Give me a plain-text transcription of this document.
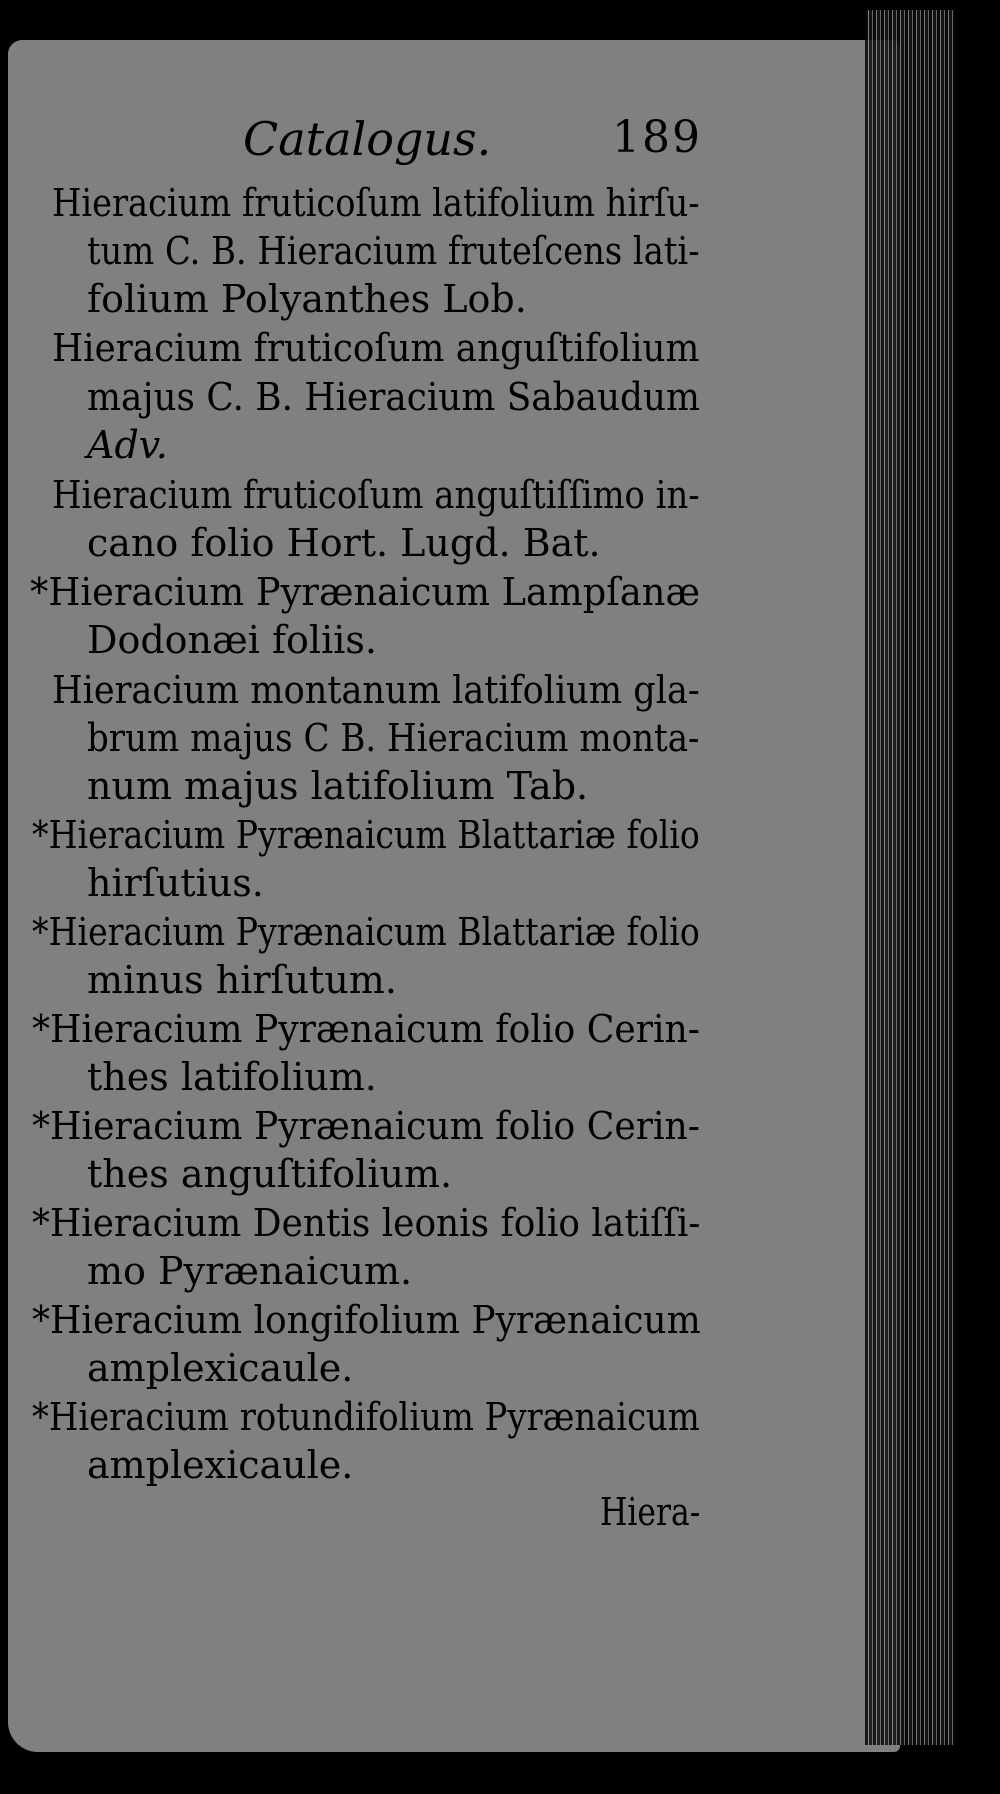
Catalogus.	189
Hieracium fruticoſum latifolium hirſu-
tum C. B. Hieracium fruteſcens lati-
folium Polyanthes Lob.
Hieracium fruticoſum anguſtifolium
majus C. B. Hieracium Sabaudum
Adv.
Hieracium fruticoſum anguſtiſſimo in-
cano folio Hort. Lugd. Bat.
*Hieracium Pyrænaicum Lampſanæ
Dodonæi foliis.
Hieracium montanum latifolium gla-
brum majus C B. Hieracium monta-
num majus latifolium Tab.
*Hieracium Pyrænaicum Blattariæ folio
hirſutius.
*Hieracium Pyrænaicum Blattariæ folio
minus hirſutum.
*Hieracium Pyrænaicum folio Cerin-
thes latifolium.
*Hieracium Pyrænaicum folio Cerin-
thes anguſtifolium.
*Hieracium Dentis leonis folio latiſſi-
mo Pyrænaicum.
*Hieracium longifolium Pyrænaicum
amplexicaule.
*Hieracium rotundifolium Pyrænaicum
amplexicaule.
Hiera-
